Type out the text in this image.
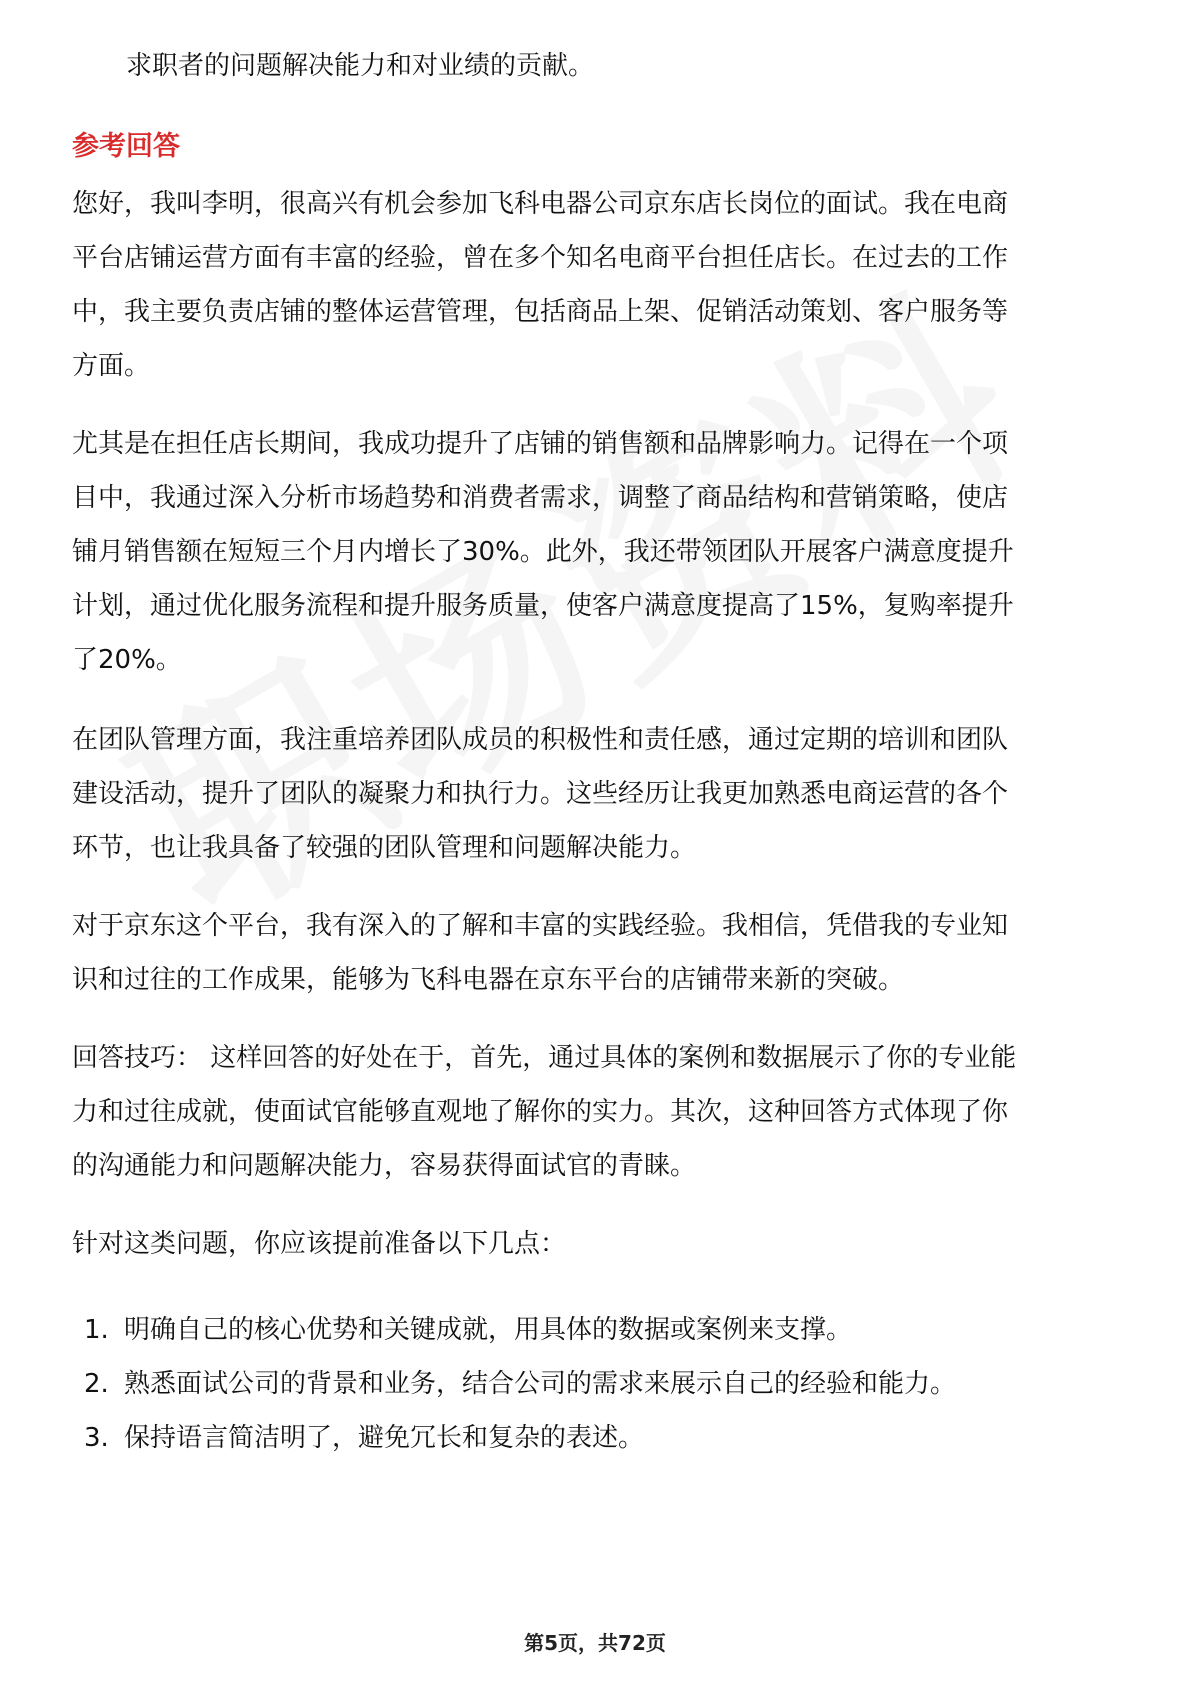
求职者的问题解决能力和对业绩的贡献。
参考回答
您好，我叫李明，很高兴有机会参加飞科电器公司京东店长岗位的面试。我在电商
平台店铺运营方面有丰富的经验，曾在多个知名电商平台担任店长。在过去的工作
中，我主要负责店铺的整体运营管理，包括商品上架、促销活动策划、客户服务等
方面。
尤其是在担任店长期间，我成功提升了店铺的销售额和品牌影响力。记得在一个项
目中，我通过深入分析市场趋势和消费者需求，调整了商品结构和营销策略，使店
铺月销售额在短短三个月内增长了30%。此外，我还带领团队开展客户满意度提升
计划，通过优化服务流程和提升服务质量，使客户满意度提高了15%，复购率提升
了20%。
在团队管理方面，我注重培养团队成员的积极性和责任感，通过定期的培训和团队
建设活动，提升了团队的凝聚力和执行力。这些经历让我更加熟悉电商运营的各个
环节，也让我具备了较强的团队管理和问题解决能力。
对于京东这个平台，我有深入的了解和丰富的实践经验。我相信，凭借我的专业知
识和过往的工作成果，能够为飞科电器在京东平台的店铺带来新的突破。
回答技巧： 这样回答的好处在于，首先，通过具体的案例和数据展示了你的专业能
力和过往成就，使面试官能够直观地了解你的实力。其次，这种回答方式体现了你
的沟通能力和问题解决能力，容易获得面试官的青睐。
针对这类问题，你应该提前准备以下几点：
1. 明确自己的核心优势和关键成就，用具体的数据或案例来支撑。
2. 熟悉面试公司的背景和业务，结合公司的需求来展示自己的经验和能力。
3. 保持语言简洁明了，避免冗长和复杂的表述。
第5页，共72页
